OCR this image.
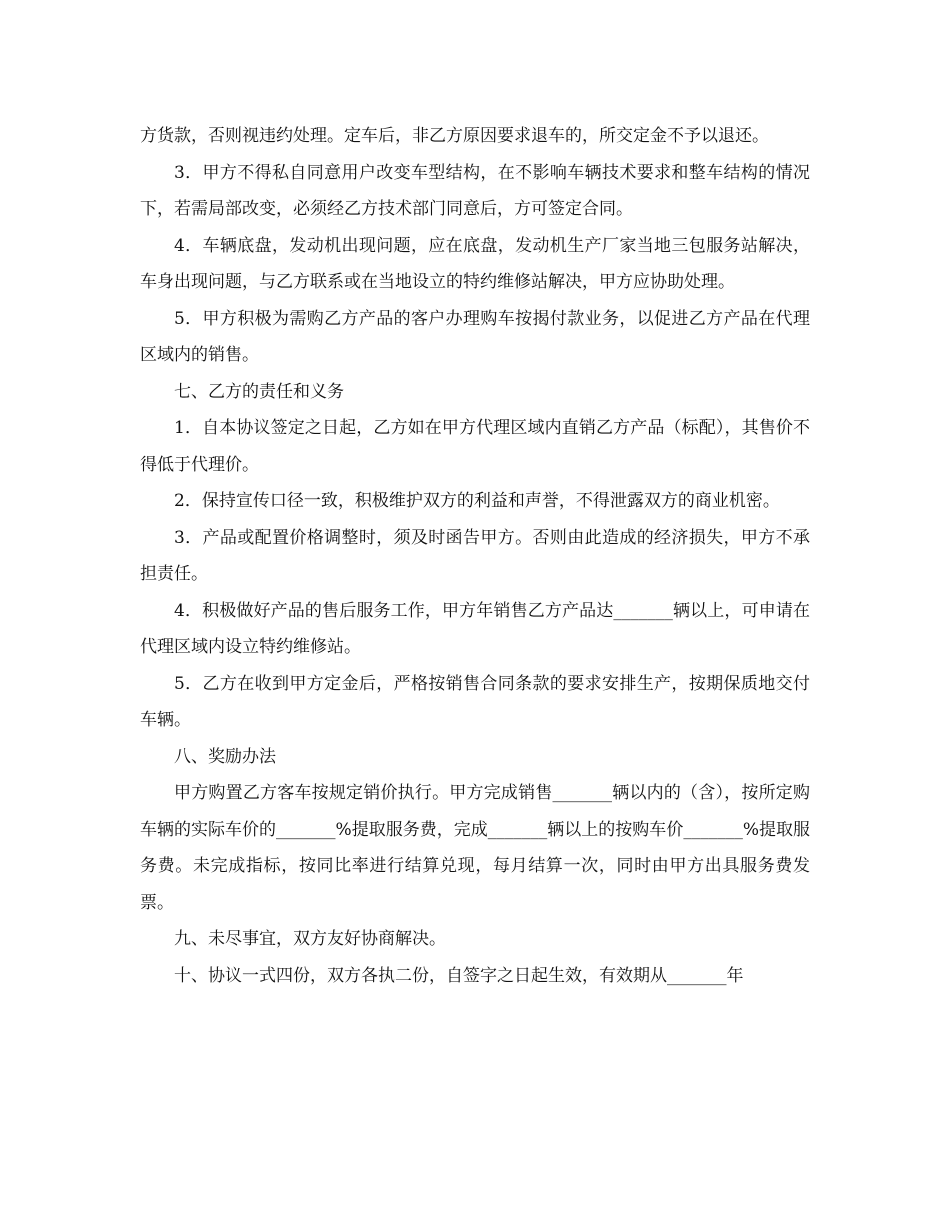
方货款，否则视违约处理。定车后，非乙方原因要求退车的，所交定金不予以退还。

3．甲方不得私自同意用户改变车型结构，在不影响车辆技术要求和整车结构的情况下，若需局部改变，必须经乙方技术部门同意后，方可签定合同。

4．车辆底盘，发动机出现问题，应在底盘，发动机生产厂家当地三包服务站解决，车身出现问题，与乙方联系或在当地设立的特约维修站解决，甲方应协助处理。

5．甲方积极为需购乙方产品的客户办理购车按揭付款业务，以促进乙方产品在代理区域内的销售。

七、乙方的责任和义务

1．自本协议签定之日起，乙方如在甲方代理区域内直销乙方产品（标配），其售价不得低于代理价。

2．保持宣传口径一致，积极维护双方的利益和声誉，不得泄露双方的商业机密。

3．产品或配置价格调整时，须及时函告甲方。否则由此造成的经济损失，甲方不承担责任。

4．积极做好产品的售后服务工作，甲方年销售乙方产品达_______辆以上，可申请在代理区域内设立特约维修站。

5．乙方在收到甲方定金后，严格按销售合同条款的要求安排生产，按期保质地交付车辆。

八、奖励办法

甲方购置乙方客车按规定销价执行。甲方完成销售_______辆以内的（含），按所定购车辆的实际车价的_______%提取服务费，完成_______辆以上的按购车价_______%提取服务费。未完成指标，按同比率进行结算兑现，每月结算一次，同时由甲方出具服务费发票。

九、未尽事宜，双方友好协商解决。

十、协议一式四份，双方各执二份，自签字之日起生效，有效期从_______年
